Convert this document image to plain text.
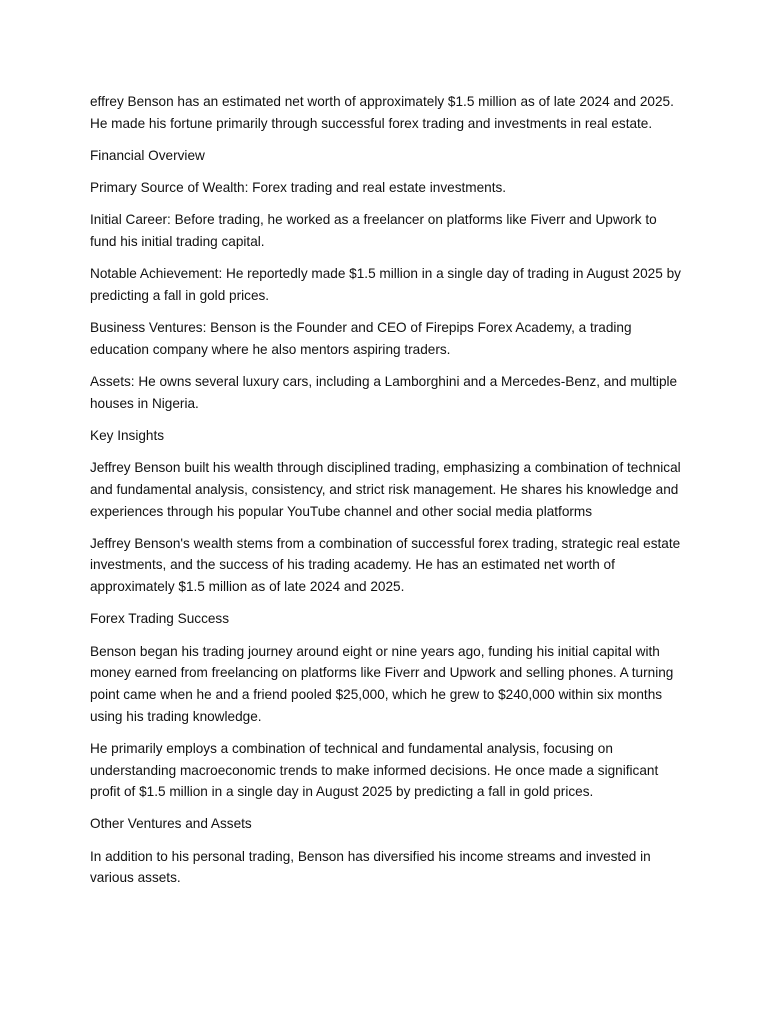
effrey Benson has an estimated net worth of approximately $1.5 million as of late 2024 and 2025. He made his fortune primarily through successful forex trading and investments in real estate.

Financial Overview

Primary Source of Wealth: Forex trading and real estate investments.

Initial Career: Before trading, he worked as a freelancer on platforms like Fiverr and Upwork to fund his initial trading capital.

Notable Achievement: He reportedly made $1.5 million in a single day of trading in August 2025 by predicting a fall in gold prices.

Business Ventures: Benson is the Founder and CEO of Firepips Forex Academy, a trading education company where he also mentors aspiring traders.

Assets: He owns several luxury cars, including a Lamborghini and a Mercedes-Benz, and multiple houses in Nigeria.

Key Insights

Jeffrey Benson built his wealth through disciplined trading, emphasizing a combination of technical and fundamental analysis, consistency, and strict risk management. He shares his knowledge and experiences through his popular YouTube channel and other social media platforms

Jeffrey Benson's wealth stems from a combination of successful forex trading, strategic real estate investments, and the success of his trading academy. He has an estimated net worth of approximately $1.5 million as of late 2024 and 2025.

Forex Trading Success

Benson began his trading journey around eight or nine years ago, funding his initial capital with money earned from freelancing on platforms like Fiverr and Upwork and selling phones. A turning point came when he and a friend pooled $25,000, which he grew to $240,000 within six months using his trading knowledge.

He primarily employs a combination of technical and fundamental analysis, focusing on understanding macroeconomic trends to make informed decisions. He once made a significant profit of $1.5 million in a single day in August 2025 by predicting a fall in gold prices.

Other Ventures and Assets

In addition to his personal trading, Benson has diversified his income streams and invested in various assets.
